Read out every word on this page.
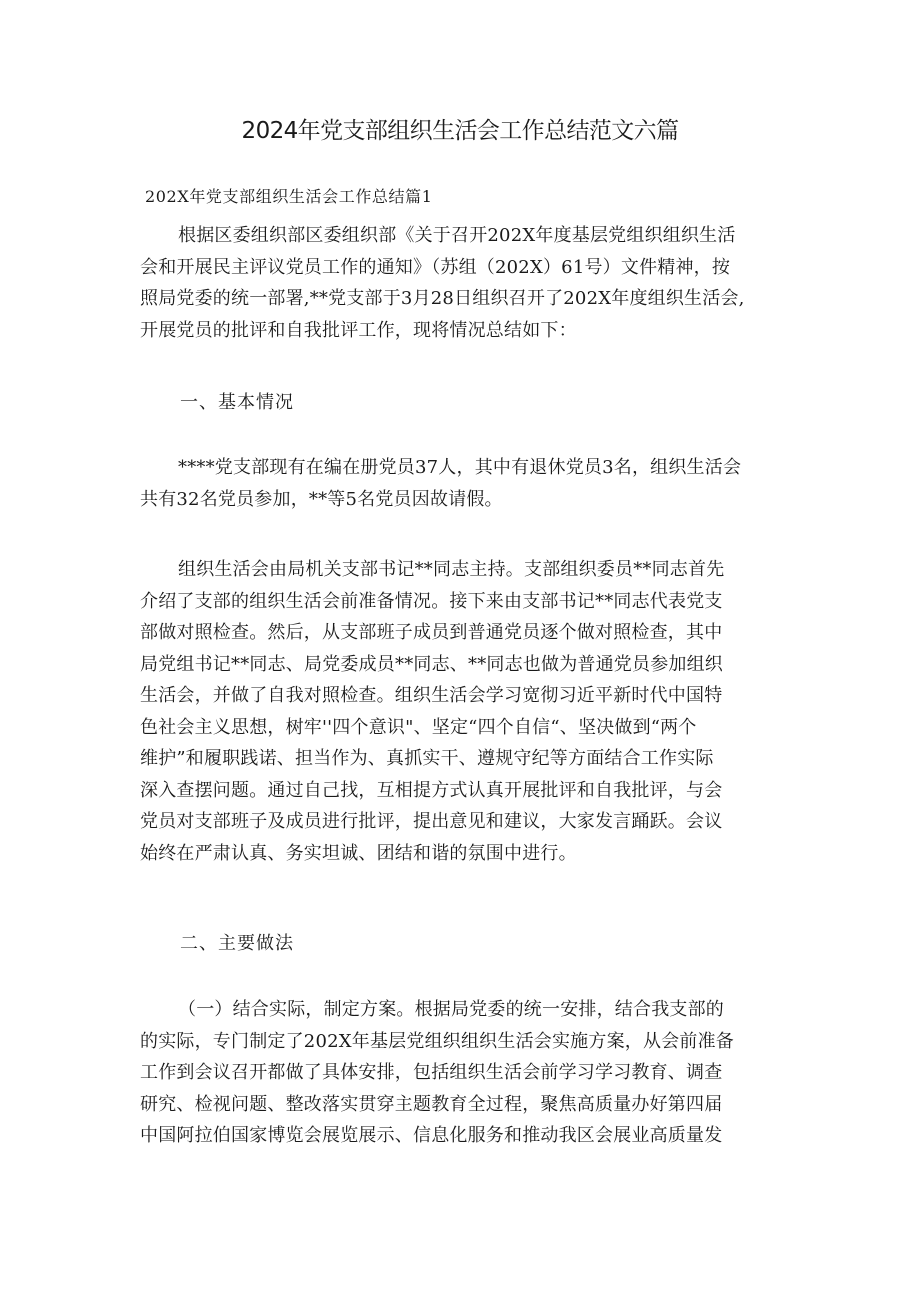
2024年党支部组织生活会工作总结范文六篇

202X年党支部组织生活会工作总结篇1

根据区委组织部区委组织部《关于召开202X年度基层党组织组织生活
会和开展民主评议党员工作的通知》（苏组（202X）61号）文件精神，按
照局党委的统一部署,**党支部于3月28日组织召开了202X年度组织生活会,
开展党员的批评和自我批评工作，现将情况总结如下：

一、基本情况

****党支部现有在编在册党员37人，其中有退休党员3名，组织生活会
共有32名党员参加，**等5名党员因故请假。
组织生活会由局机关支部书记**同志主持。支部组织委员**同志首先
介绍了支部的组织生活会前准备情况。接下来由支部书记**同志代表党支
部做对照检查。然后，从支部班子成员到普通党员逐个做对照检查，其中
局党组书记**同志、局党委成员**同志、**同志也做为普通党员参加组织
生活会，并做了自我对照检查。组织生活会学习宽彻习近平新时代中国特
色社会主义思想，树牢''四个意识"、坚定“四个自信“、坚决做到“两个
维护”和履职践诺、担当作为、真抓实干、遵规守纪等方面结合工作实际
深入查摆问题。通过自己找，互相提方式认真开展批评和自我批评，与会
党员对支部班子及成员进行批评，提出意见和建议，大家发言踊跃。会议
始终在严肃认真、务实坦诚、团结和谐的氛围中进行。

二、主要做法

（一）结合实际，制定方案。根据局党委的统一安排，结合我支部的
的实际，专门制定了202X年基层党组织组织生活会实施方案，从会前准备
工作到会议召开都做了具体安排，包括组织生活会前学习学习教育、调查
研究、检视问题、整改落实贯穿主题教育全过程，聚焦高质量办好第四届
中国阿拉伯国家博览会展览展示、信息化服务和推动我区会展业高质量发
